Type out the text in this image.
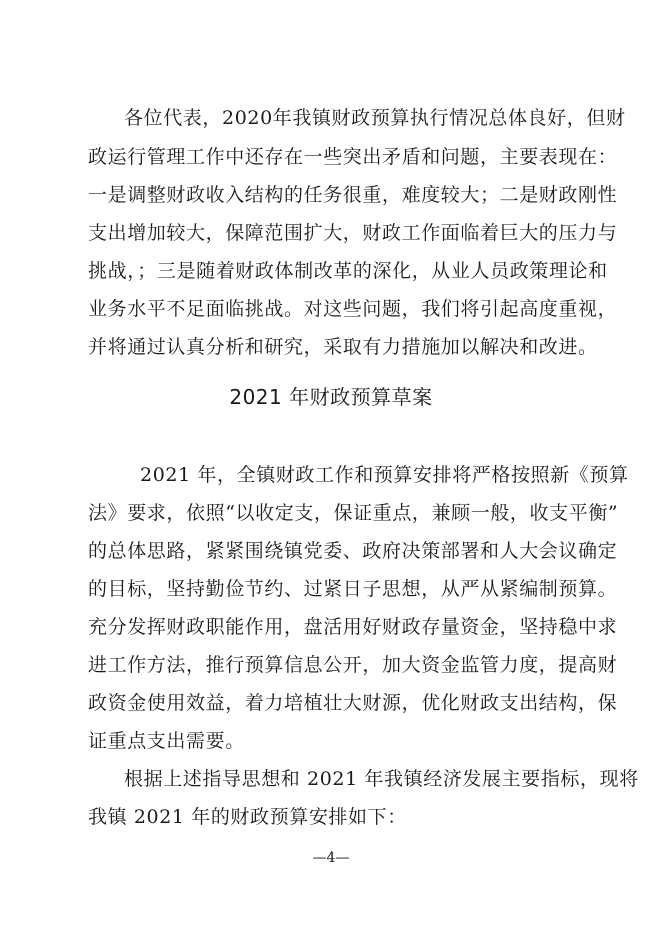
各位代表，2020年我镇财政预算执行情况总体良好，但财
政运行管理工作中还存在一些突出矛盾和问题，主要表现在：
一是调整财政收入结构的任务很重，难度较大；二是财政刚性
支出增加较大，保障范围扩大，财政工作面临着巨大的压力与
挑战，；三是随着财政体制改革的深化，从业人员政策理论和
业务水平不足面临挑战。对这些问题，我们将引起高度重视，
并将通过认真分析和研究，采取有力措施加以解决和改进。
2021 年财政预算草案
2021 年，全镇财政工作和预算安排将严格按照新《预算
法》要求，依照“以收定支，保证重点，兼顾一般，收支平衡”
的总体思路，紧紧围绕镇党委、政府决策部署和人大会议确定
的目标，坚持勤俭节约、过紧日子思想，从严从紧编制预算。
充分发挥财政职能作用，盘活用好财政存量资金，坚持稳中求
进工作方法，推行预算信息公开，加大资金监管力度，提高财
政资金使用效益，着力培植壮大财源，优化财政支出结构，保
证重点支出需要。
根据上述指导思想和 2021 年我镇经济发展主要指标，现将
我镇 2021 年的财政预算安排如下：
—4—
